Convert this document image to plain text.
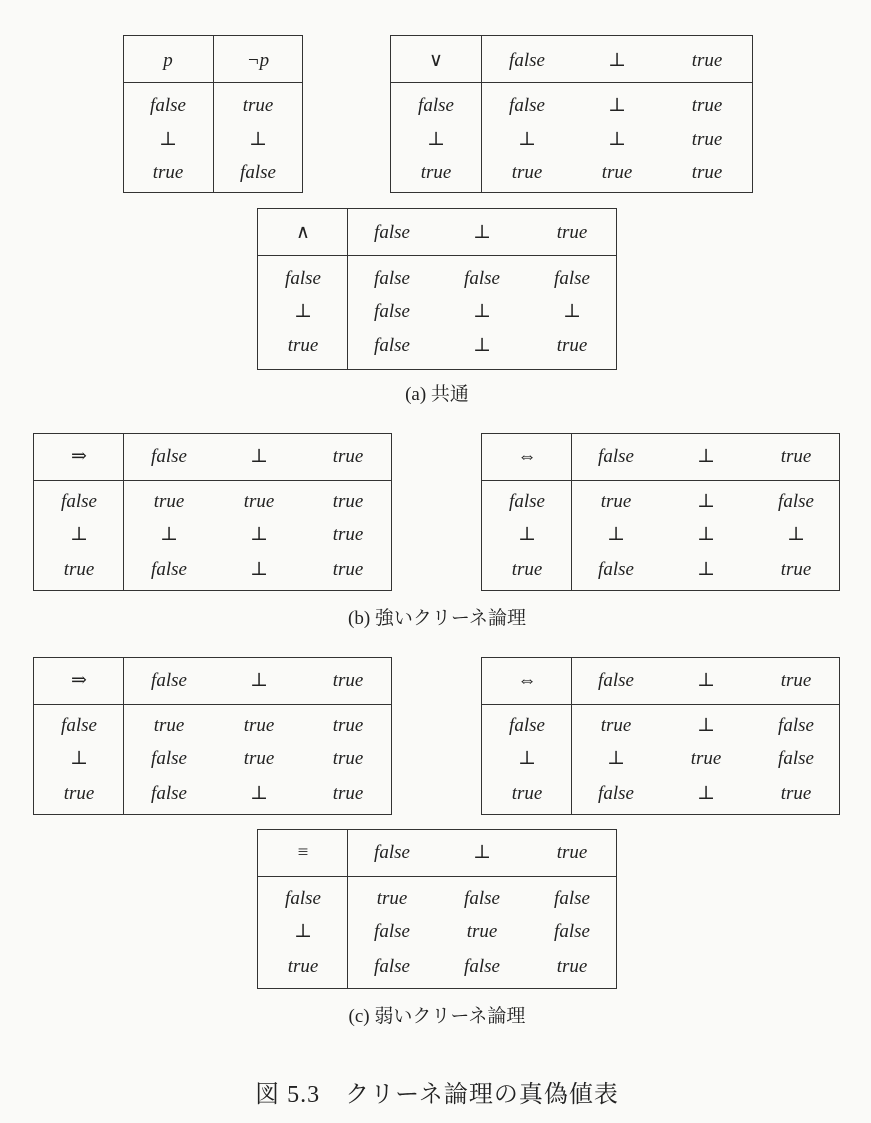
(a) 共通
(b) 強いクリーネ論理
(c) 弱いクリーネ論理
図 5.3　クリーネ論理の真偽値表
p	¬p
false	true
⊥	⊥
true	false
∨	false	⊥	true
false	false	⊥	true
⊥	⊥	⊥	true
true	true	true	true
∧	false	⊥	true
false	false	false	false
⊥	false	⊥	⊥
true	false	⊥	true
⇒	false	⊥	true
false	true	true	true
⊥	⊥	⊥	true
true	false	⊥	true
⇔	false	⊥	true
false	true	⊥	false
⊥	⊥	⊥	⊥
true	false	⊥	true
⇒	false	⊥	true
false	true	true	true
⊥	false	true	true
true	false	⊥	true
⇔	false	⊥	true
false	true	⊥	false
⊥	⊥	true	false
true	false	⊥	true
≡	false	⊥	true
false	true	false	false
⊥	false	true	false
true	false	false	true
